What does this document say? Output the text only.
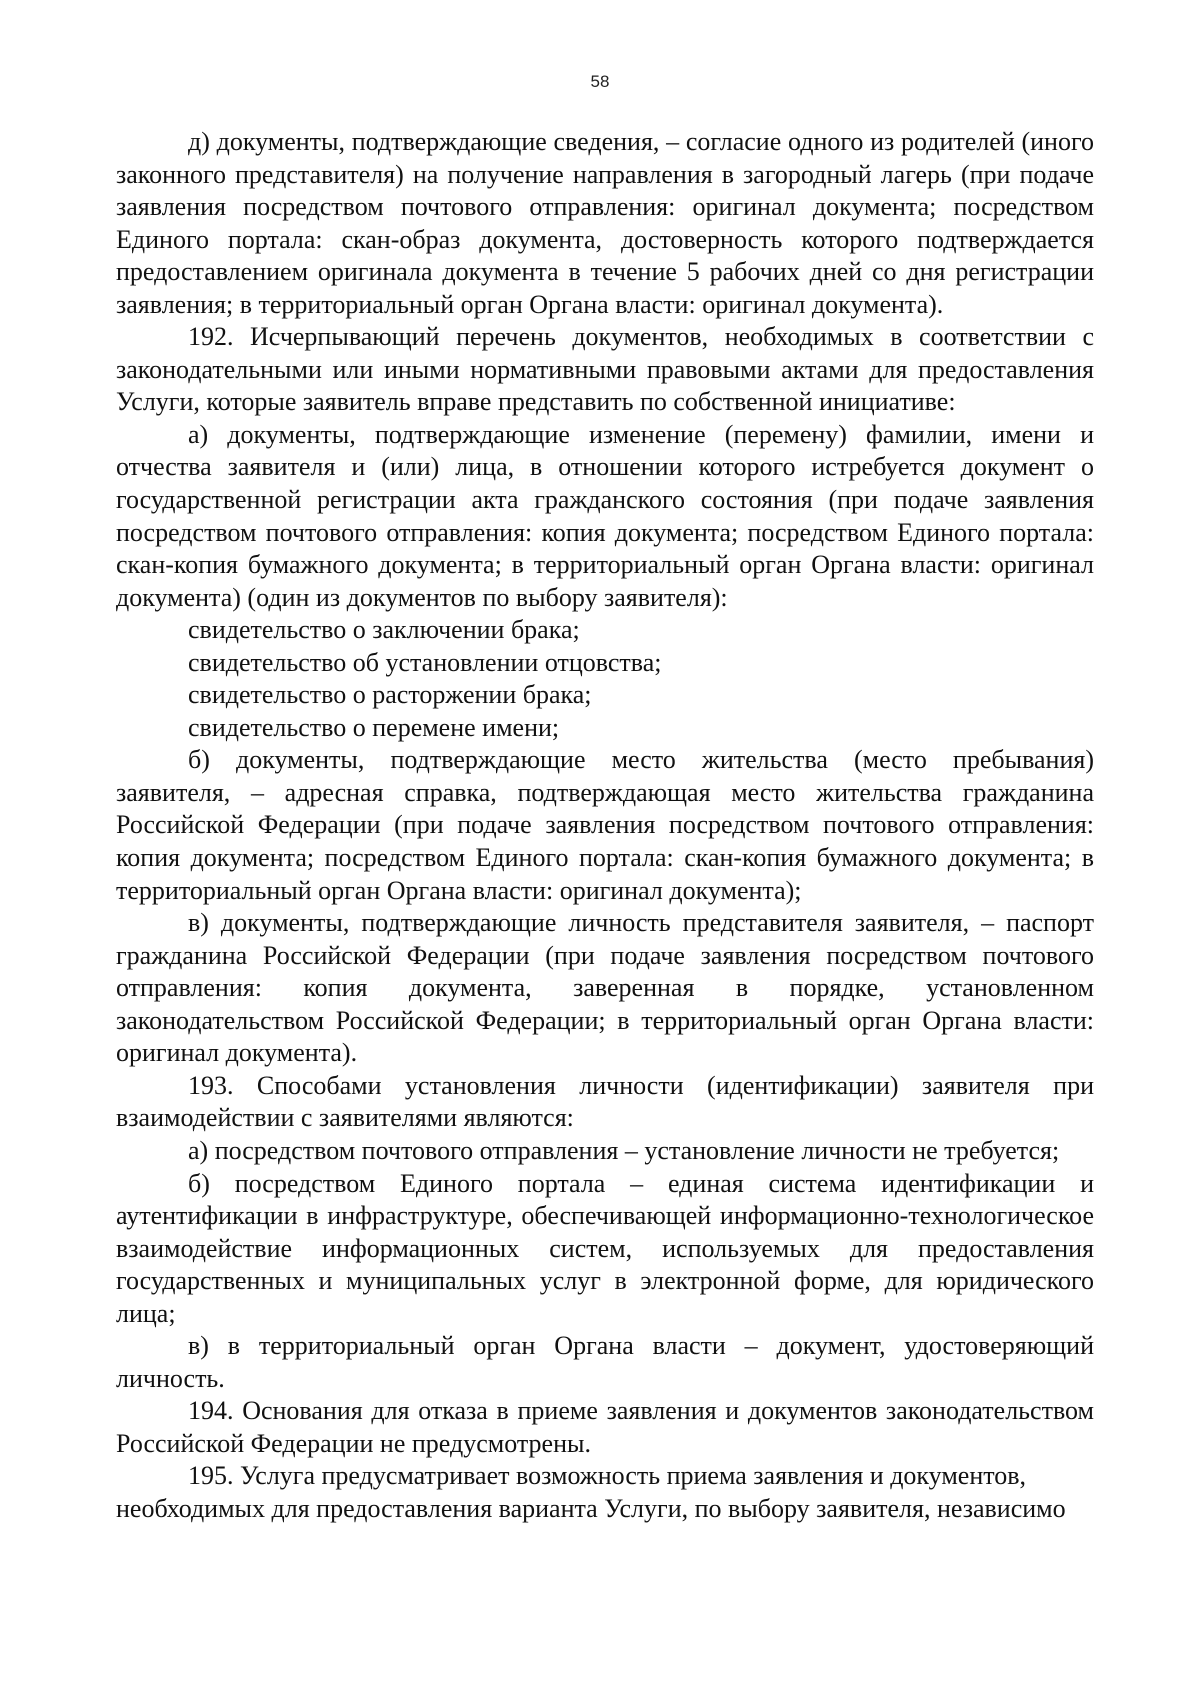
58

д) документы, подтверждающие сведения, – согласие одного из родителей (иного законного представителя) на получение направления в загородный лагерь (при подаче заявления посредством почтового отправления: оригинал документа; посредством Единого портала: скан-образ документа, достоверность которого подтверждается предоставлением оригинала документа в течение 5 рабочих дней со дня регистрации заявления; в территориальный орган Органа власти: оригинал документа).

192. Исчерпывающий перечень документов, необходимых в соответствии с законодательными или иными нормативными правовыми актами для предоставления Услуги, которые заявитель вправе представить по собственной инициативе:

а) документы, подтверждающие изменение (перемену) фамилии, имени и отчества заявителя и (или) лица, в отношении которого истребуется документ о государственной регистрации акта гражданского состояния (при подаче заявления посредством почтового отправления: копия документа; посредством Единого портала: скан-копия бумажного документа; в территориальный орган Органа власти: оригинал документа) (один из документов по выбору заявителя):

свидетельство о заключении брака;

свидетельство об установлении отцовства;

свидетельство о расторжении брака;

свидетельство о перемене имени;

б) документы, подтверждающие место жительства (место пребывания) заявителя, – адресная справка, подтверждающая место жительства гражданина Российской Федерации (при подаче заявления посредством почтового отправления: копия документа; посредством Единого портала: скан-копия бумажного документа; в территориальный орган Органа власти: оригинал документа);

в) документы, подтверждающие личность представителя заявителя, – паспорт гражданина Российской Федерации (при подаче заявления посредством почтового отправления: копия документа, заверенная в порядке, установленном законодательством Российской Федерации; в территориальный орган Органа власти: оригинал документа).

193. Способами установления личности (идентификации) заявителя при взаимодействии с заявителями являются:

а) посредством почтового отправления – установление личности не требуется;

б) посредством Единого портала – единая система идентификации и аутентификации в инфраструктуре, обеспечивающей информационно-технологическое взаимодействие информационных систем, используемых для предоставления государственных и муниципальных услуг в электронной форме, для юридического лица;

в) в территориальный орган Органа власти – документ, удостоверяющий личность.

194. Основания для отказа в приеме заявления и документов законодательством Российской Федерации не предусмотрены.

195. Услуга предусматривает возможность приема заявления и документов, необходимых для предоставления варианта Услуги, по выбору заявителя, независимо
